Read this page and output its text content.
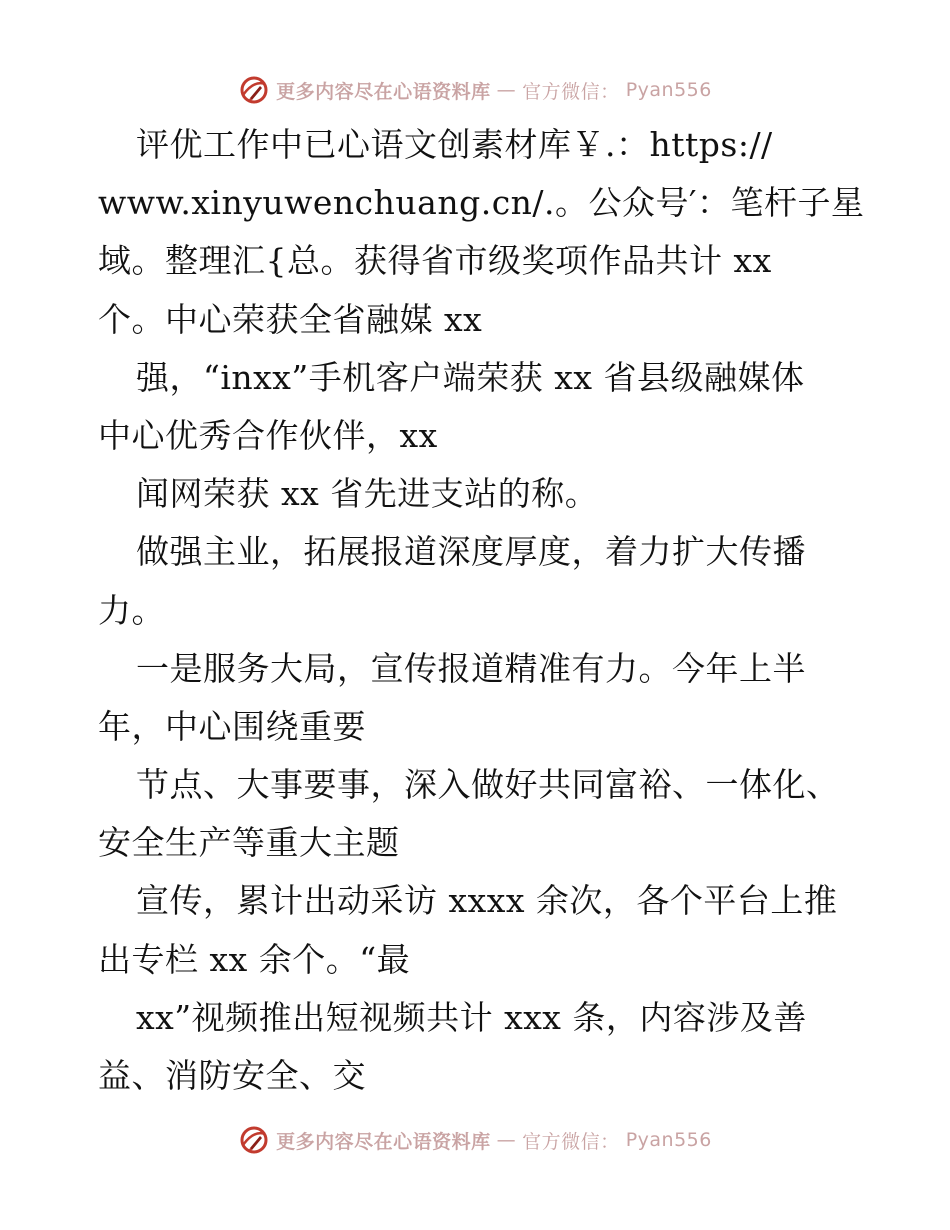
更多内容尽在心语资料库 — 官方微信： Pyan556
评优工作中已心语文创素材库￥.：https://
www.xinyuwenchuang.cn/.。公众号′：笔杆子星
域。整理汇{总。获得省市级奖项作品共计 xx
个。中心荣获全省融媒 xx
强，“inxx”手机客户端荣获 xx 省县级融媒体
中心优秀合作伙伴，xx
闻网荣获 xx 省先进支站的称。
做强主业，拓展报道深度厚度，着力扩大传播
力。
一是服务大局，宣传报道精准有力。今年上半
年，中心围绕重要
节点、大事要事，深入做好共同富裕、一体化、
安全生产等重大主题
宣传，累计出动采访 xxxx 余次，各个平台上推
出专栏 xx 余个。“最
xx”视频推出短视频共计 xxx 条，内容涉及善
益、消防安全、交
更多内容尽在心语资料库 — 官方微信： Pyan556
